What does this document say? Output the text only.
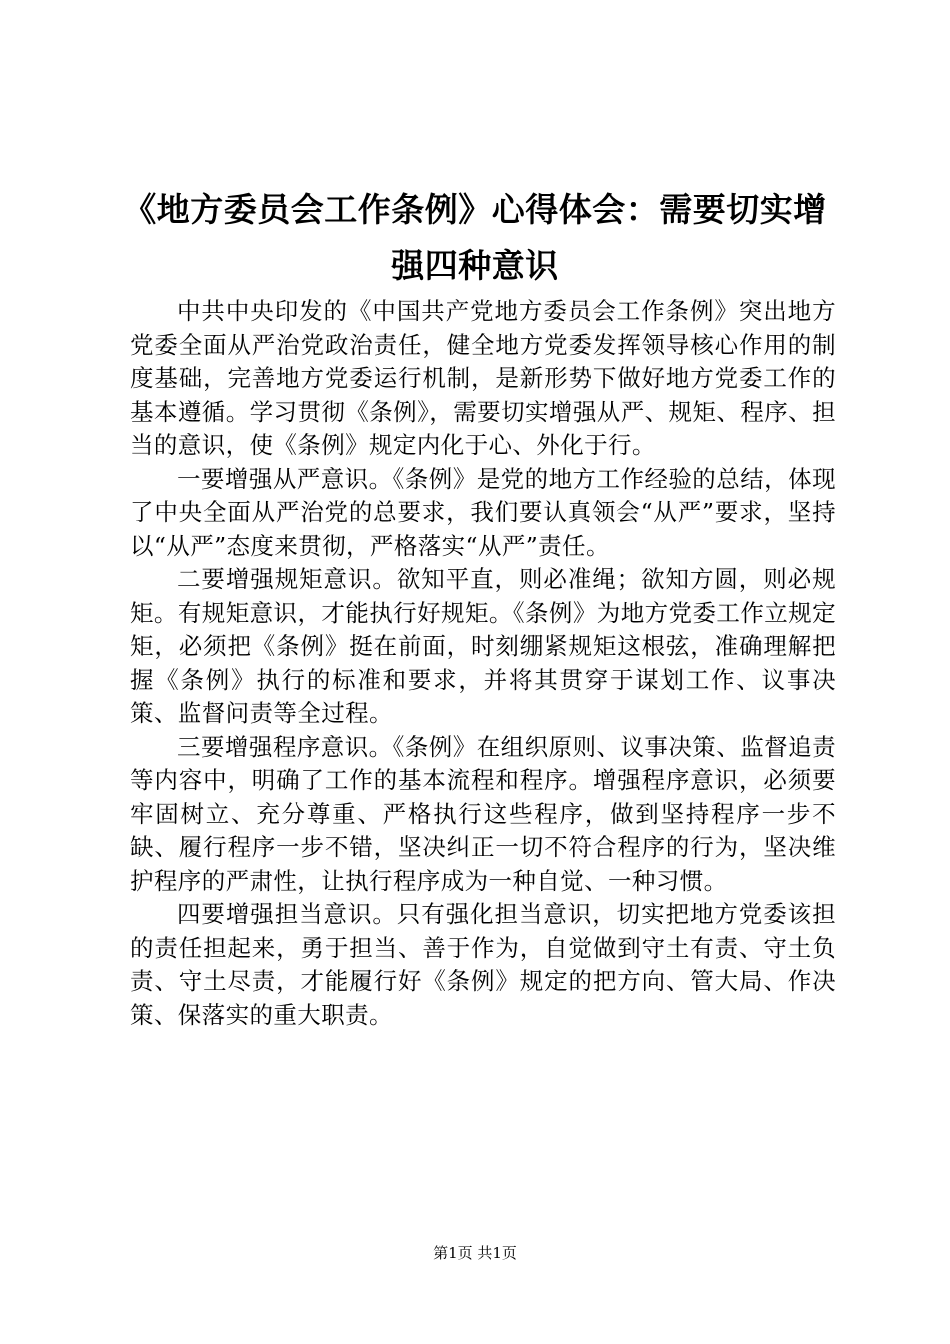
《地方委员会工作条例》心得体会：需要切实增强四种意识

中共中央印发的《中国共产党地方委员会工作条例》突出地方党委全面从严治党政治责任，健全地方党委发挥领导核心作用的制度基础，完善地方党委运行机制，是新形势下做好地方党委工作的基本遵循。学习贯彻《条例》，需要切实增强从严、规矩、程序、担当的意识，使《条例》规定内化于心、外化于行。

一要增强从严意识。《条例》是党的地方工作经验的总结，体现了中央全面从严治党的总要求，我们要认真领会“从严”要求，坚持以“从严”态度来贯彻，严格落实“从严”责任。

二要增强规矩意识。欲知平直，则必准绳；欲知方圆，则必规矩。有规矩意识，才能执行好规矩。《条例》为地方党委工作立规定矩，必须把《条例》挺在前面，时刻绷紧规矩这根弦，准确理解把握《条例》执行的标准和要求，并将其贯穿于谋划工作、议事决策、监督问责等全过程。

三要增强程序意识。《条例》在组织原则、议事决策、监督追责等内容中，明确了工作的基本流程和程序。增强程序意识，必须要牢固树立、充分尊重、严格执行这些程序，做到坚持程序一步不缺、履行程序一步不错，坚决纠正一切不符合程序的行为，坚决维护程序的严肃性，让执行程序成为一种自觉、一种习惯。

四要增强担当意识。只有强化担当意识，切实把地方党委该担的责任担起来，勇于担当、善于作为，自觉做到守土有责、守土负责、守土尽责，才能履行好《条例》规定的把方向、管大局、作决策、保落实的重大职责。

第1页 共1页
